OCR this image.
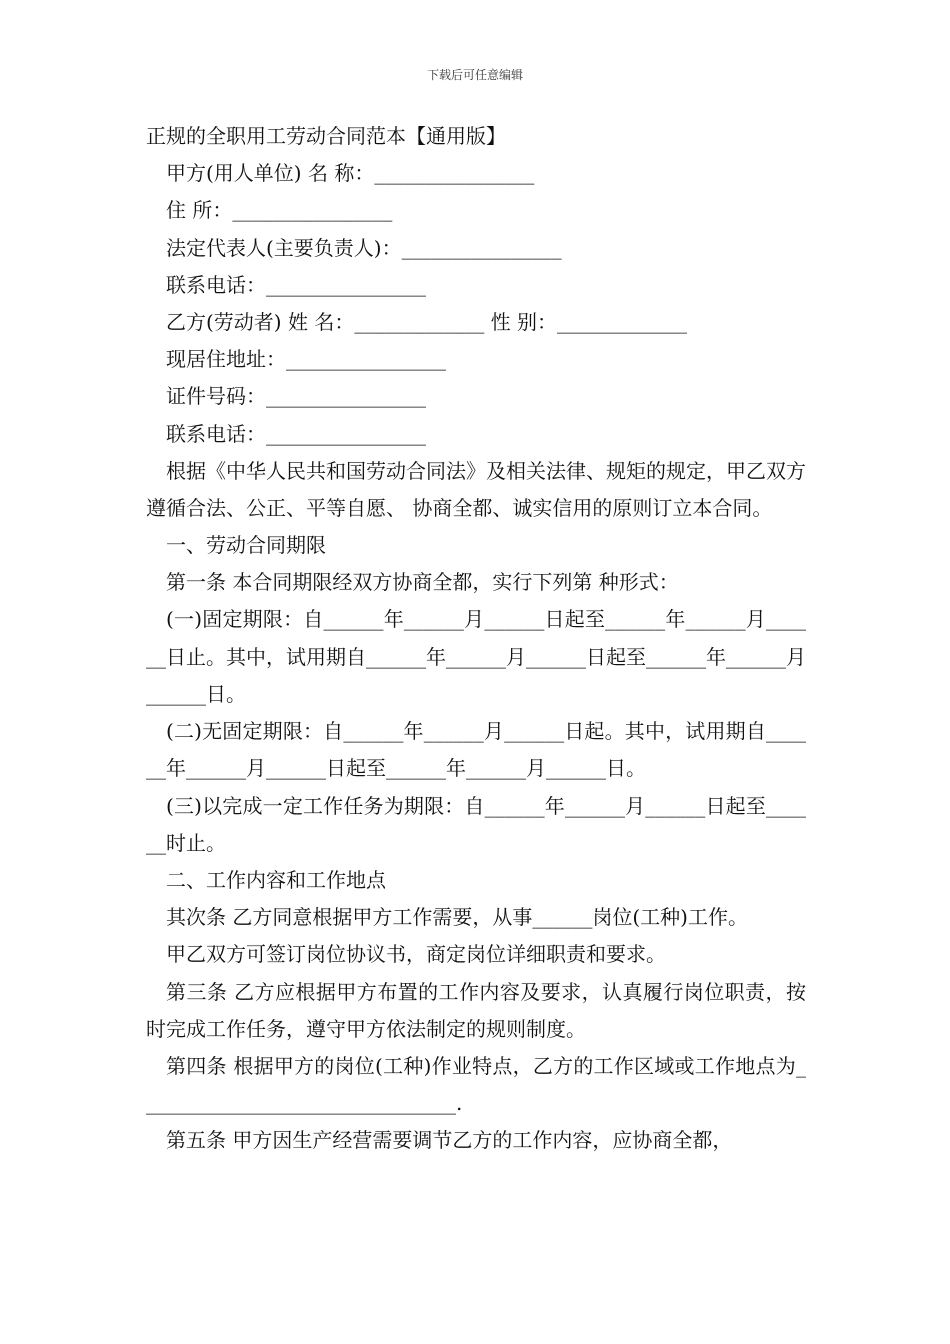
下载后可任意编辑
正规的全职用工劳动合同范本【通用版】
甲方(用人单位) 名 称：________________
住 所：________________
法定代表人(主要负责人)：________________
联系电话：________________
乙方(劳动者) 姓 名：_____________ 性 别：_____________
现居住地址：________________
证件号码：________________
联系电话：________________
根据《中华人民共和国劳动合同法》及相关法律、规矩的规定，甲乙双方遵循合法、公正、平等自愿、 协商全都、诚实信用的原则订立本合同。
一、劳动合同期限
第一条 本合同期限经双方协商全都，实行下列第 种形式：
(一)固定期限：自______年______月______日起至______年______月______日止。其中，试用期自______年______月______日起至______年______月______日。
(二)无固定期限：自______年______月______日起。其中，试用期自______年______月______日起至______年______月______日。
(三)以完成一定工作任务为期限：自______年______月______日起至______时止。
二、工作内容和工作地点
其次条 乙方同意根据甲方工作需要，从事______岗位(工种)工作。
甲乙双方可签订岗位协议书，商定岗位详细职责和要求。
第三条 乙方应根据甲方布置的工作内容及要求，认真履行岗位职责，按时完成工作任务，遵守甲方依法制定的规则制度。
第四条 根据甲方的岗位(工种)作业特点，乙方的工作区域或工作地点为________________________________.
第五条 甲方因生产经营需要调节乙方的工作内容，应协商全都，
